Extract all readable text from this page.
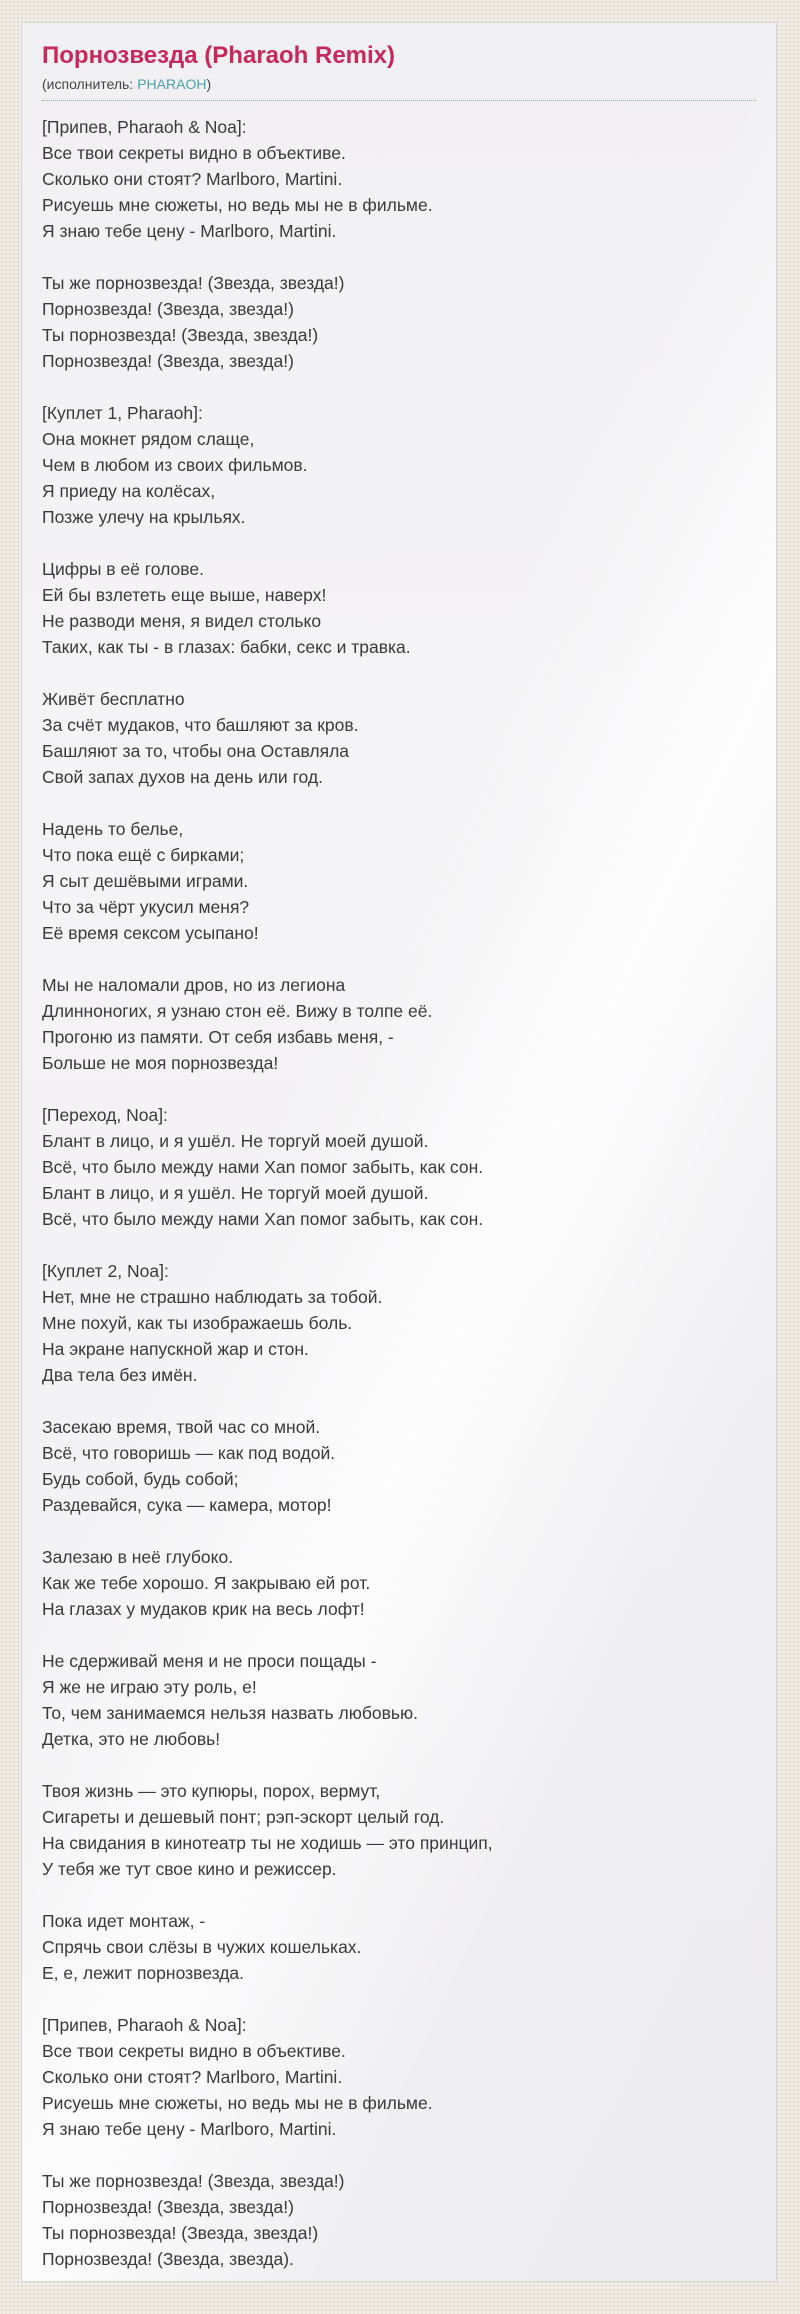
Порнозвезда (Pharaoh Remix)
(исполнитель: PHARAOH)
[Припев, Pharaoh & Noa]:
Все твои секреты видно в объективе.
Сколько они стоят? Marlboro, Martini.
Рисуешь мне сюжеты, но ведь мы не в фильме.
Я знаю тебе цену - Marlboro, Martini.
Ты же порнозвезда! (Звезда, звезда!)
Порнозвезда! (Звезда, звезда!)
Ты порнозвезда! (Звезда, звезда!)
Порнозвезда! (Звезда, звезда!)
[Куплет 1, Pharaoh]:
Она мокнет рядом слаще,
Чем в любом из своих фильмов.
Я приеду на колёсах,
Позже улечу на крыльях.
Цифры в её голове.
Ей бы взлететь еще выше, наверх!
Не разводи меня, я видел столько
Таких, как ты - в глазах: бабки, секс и травка.
Живёт бесплатно
За счёт мудаков, что башляют за кров.
Башляют за то, чтобы она Оставляла
Свой запах духов на день или год.
Надень то белье,
Что пока ещё с бирками;
Я сыт дешёвыми играми.
Что за чёрт укусил меня?
Её время сексом усыпано!
Мы не наломали дров, но из легиона
Длинноногих, я узнаю стон её. Вижу в толпе её.
Прогоню из памяти. От себя избавь меня, -
Больше не моя порнозвезда!
[Переход, Noa]:
Блант в лицо, и я ушёл. Не торгуй моей душой.
Всё, что было между нами Xan помог забыть, как сон.
Блант в лицо, и я ушёл. Не торгуй моей душой.
Всё, что было между нами Xan помог забыть, как сон.
[Куплет 2, Noa]:
Нет, мне не страшно наблюдать за тобой.
Мне похуй, как ты изображаешь боль.
На экране напускной жар и стон.
Два тела без имён.
Засекаю время, твой час со мной.
Всё, что говоришь — как под водой.
Будь собой, будь собой;
Раздевайся, сука — камера, мотор!
Залезаю в неё глубоко.
Как же тебе хорошо. Я закрываю ей рот.
На глазах у мудаков крик на весь лофт!
Не сдерживай меня и не проси пощады -
Я же не играю эту роль, е!
То, чем занимаемся нельзя назвать любовью.
Детка, это не любовь!
Твоя жизнь — это купюры, порох, вермут,
Сигареты и дешевый понт; рэп-эскорт целый год.
На свидания в кинотеатр ты не ходишь — это принцип,
У тебя же тут свое кино и режиссер.
Пока идет монтаж, -
Спрячь свои слёзы в чужих кошельках.
Е, е, лежит порнозвезда.
[Припев, Pharaoh & Noa]:
Все твои секреты видно в объективе.
Сколько они стоят? Marlboro, Martini.
Рисуешь мне сюжеты, но ведь мы не в фильме.
Я знаю тебе цену - Marlboro, Martini.
Ты же порнозвезда! (Звезда, звезда!)
Порнозвезда! (Звезда, звезда!)
Ты порнозвезда! (Звезда, звезда!)
Порнозвезда! (Звезда, звезда).
